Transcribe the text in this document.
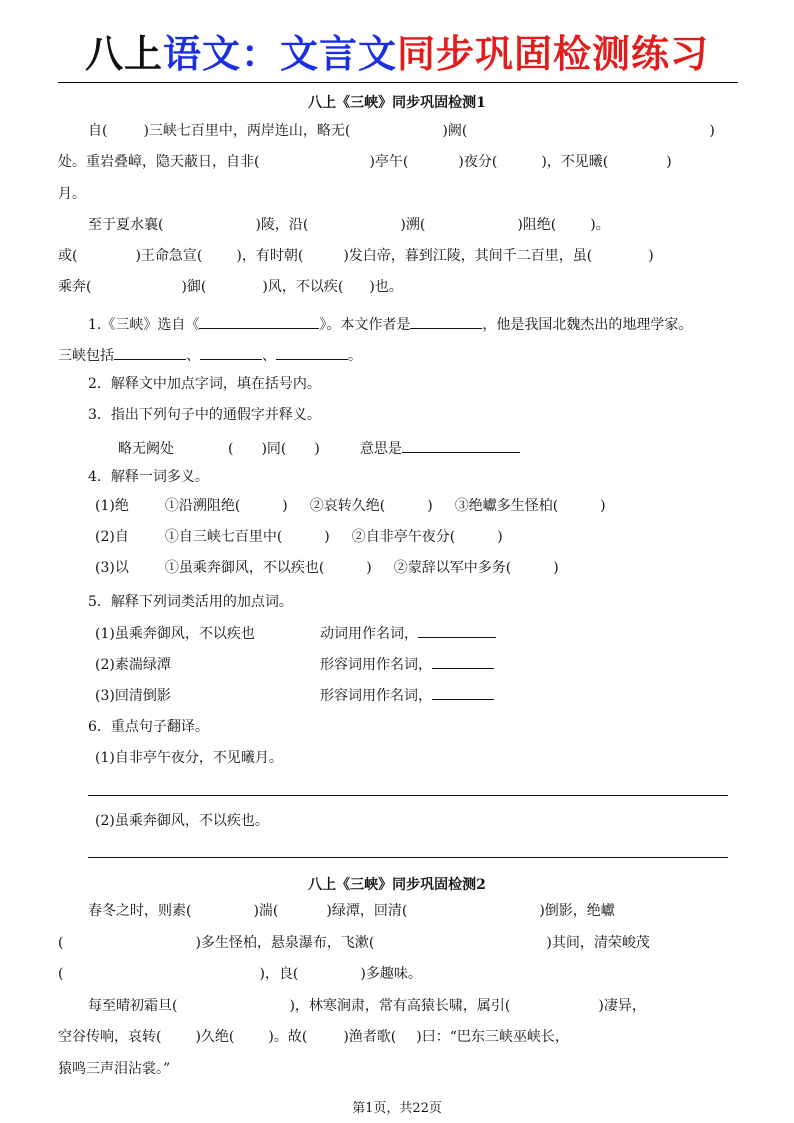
八上语文：文言文同步巩固检测练习
八上《三峡》同步巩固检测1
自(	)三峡七百里中，两岸连山，略无(	)阙(	)
处。重岩叠嶂，隐天蔽日，自非(	)亭午(	)夜分(	)，不见曦(	)
月。
至于夏水襄(	)陵，沿(	)溯(	)阻绝( )。
或(	)王命急宣( )，有时朝(	)发白帝，暮到江陵，其间千二百里，虽(	)
乘奔(	)御(	)风，不以疾( )也。
1.《三峡》选自《	》。本文作者是	，他是我国北魏杰出的地理学家。
三峡包括	、	、	。
2．解释文中加点字词，填在括号内。
3．指出下列句子中的通假字并释义。
略无阙处	(　　)同(　　)	意思是
4．解释一词多义。
(1)绝	①沿溯阻绝(　　　) ②哀转久绝(　　　) ③绝巘多生怪柏(　　　)
(2)自	①自三峡七百里中(　　　) ②自非亭午夜分(　　　)
(3)以	①虽乘奔御风，不以疾也(　　　) ②蒙辞以军中多务(　　　)
5．解释下列词类活用的加点词。
(1)虽乘奔御风，不以疾也	动词用作名词，
(2)素湍绿潭	形容词用作名词，
(3)回清倒影	形容词用作名词，
6．重点句子翻译。
(1)自非亭午夜分，不见曦月。
(2)虽乘奔御风，不以疾也。
八上《三峡》同步巩固检测2
春冬之时，则素(	)湍(	)绿潭，回清(	)倒影，绝巘
(	)多生怪柏，悬泉瀑布，飞漱(	)其间，清荣峻茂
(	)，良(	)多趣味。
每至晴初霜旦(	)，林寒涧肃，常有高猿长啸，属引(	)凄异，
空谷传响，哀转( )久绝( )。故(	)渔者歌( )曰：“巴东三峡巫峡长，
猿鸣三声泪沾裳。”
第1页，共22页
